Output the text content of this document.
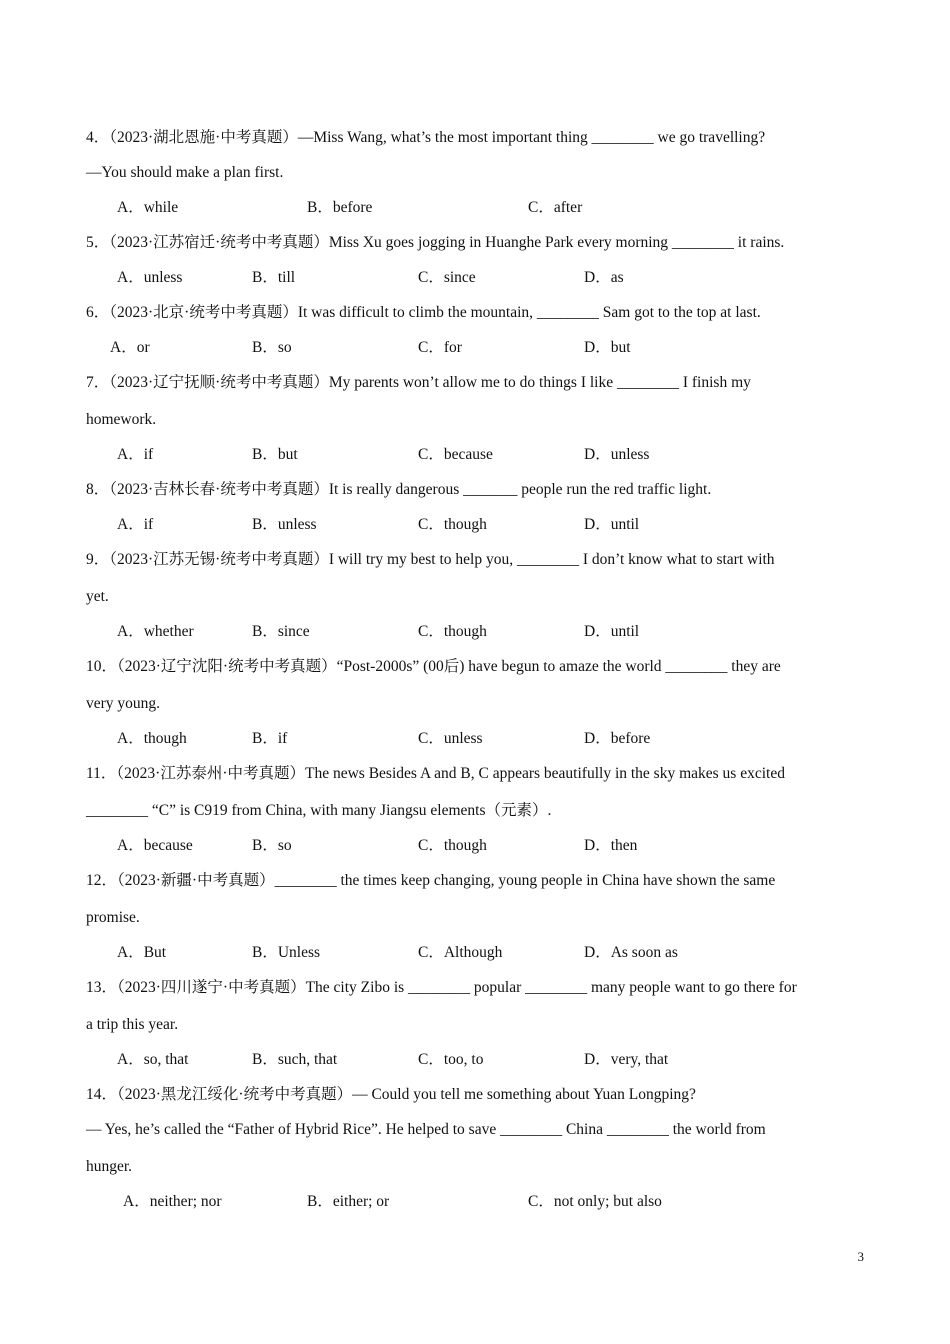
4．（2023·湖北恩施·中考真题）—Miss Wang, what’s the most important thing ________ we go travelling?
—You should make a plan first.
A．while	B．before	C．after
5．（2023·江苏宿迁·统考中考真题）Miss Xu goes jogging in Huanghe Park every morning ________ it rains.
A．unless	B．till	C．since	D．as
6．（2023·北京·统考中考真题）It was difficult to climb the mountain, ________ Sam got to the top at last.
A．or	B．so	C．for	D．but
7．（2023·辽宁抚顺·统考中考真题）My parents won’t allow me to do things I like ________ I finish my
homework.
A．if	B．but	C．because	D．unless
8．（2023·吉林长春·统考中考真题）It is really dangerous _______ people run the red traffic light.
A．if	B．unless	C．though	D．until
9．（2023·江苏无锡·统考中考真题）I will try my best to help you, ________ I don’t know what to start with
yet.
A．whether	B．since	C．though	D．until
10．（2023·辽宁沈阳·统考中考真题）“Post-2000s” (00后) have begun to amaze the world ________ they are
very young.
A．though	B．if	C．unless	D．before
11．（2023·江苏泰州·中考真题）The news Besides A and B, C appears beautifully in the sky makes us excited
________ “C” is C919 from China, with many Jiangsu elements（元素）.
A．because	B．so	C．though	D．then
12．（2023·新疆·中考真题）________ the times keep changing, young people in China have shown the same
promise.
A．But	B．Unless	C．Although	D．As soon as
13．（2023·四川遂宁·中考真题）The city Zibo is ________ popular ________ many people want to go there for
a trip this year.
A．so, that	B．such, that	C．too, to	D．very, that
14．（2023·黑龙江绥化·统考中考真题）— Could you tell me something about Yuan Longping?
— Yes, he’s called the “Father of Hybrid Rice”. He helped to save ________ China ________ the world from
hunger.
A．neither; nor	B．either; or	C．not only; but also
3
